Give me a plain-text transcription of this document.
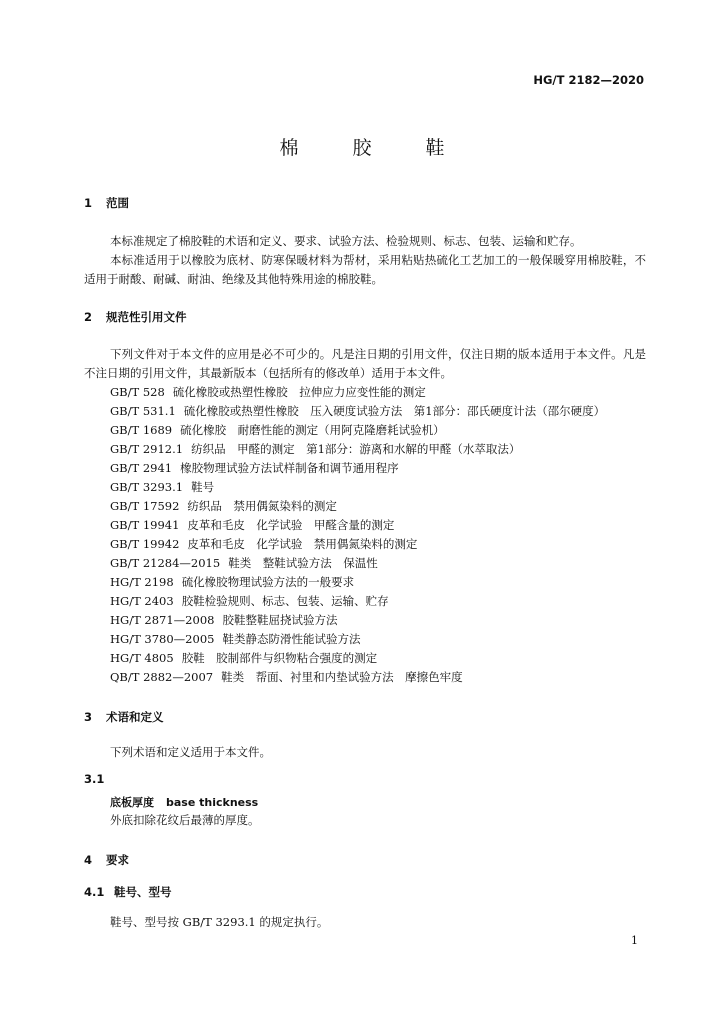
HG/T 2182—2020
棉 胶 鞋
1 范围

本标准规定了棉胶鞋的术语和定义、要求、试验方法、检验规则、标志、包装、运输和贮存。

本标准适用于以橡胶为底材、防寒保暖材料为帮材，采用粘贴热硫化工艺加工的一般保暖穿用棉胶鞋，不适用于耐酸、耐碱、耐油、绝缘及其他特殊用途的棉胶鞋。

2 规范性引用文件

下列文件对于本文件的应用是必不可少的。凡是注日期的引用文件，仅注日期的版本适用于本文件。凡是不注日期的引用文件，其最新版本（包括所有的修改单）适用于本文件。

GB/T 528 硫化橡胶或热塑性橡胶　拉伸应力应变性能的测定
GB/T 531.1 硫化橡胶或热塑性橡胶　压入硬度试验方法　第1部分：邵氏硬度计法（邵尔硬度）
GB/T 1689 硫化橡胶　耐磨性能的测定（用阿克隆磨耗试验机）
GB/T 2912.1 纺织品　甲醛的测定　第1部分：游离和水解的甲醛（水萃取法）
GB/T 2941 橡胶物理试验方法试样制备和调节通用程序
GB/T 3293.1 鞋号
GB/T 17592 纺织品　禁用偶氮染料的测定
GB/T 19941 皮革和毛皮　化学试验　甲醛含量的测定
GB/T 19942 皮革和毛皮　化学试验　禁用偶氮染料的测定
GB/T 21284—2015 鞋类　整鞋试验方法　保温性
HG/T 2198 硫化橡胶物理试验方法的一般要求
HG/T 2403 胶鞋检验规则、标志、包装、运输、贮存
HG/T 2871—2008 胶鞋整鞋屈挠试验方法
HG/T 3780—2005 鞋类静态防滑性能试验方法
HG/T 4805 胶鞋　胶制部件与织物粘合强度的测定
QB/T 2882—2007 鞋类　帮面、衬里和内垫试验方法　摩擦色牢度
3 术语和定义
下列术语和定义适用于本文件。
3.1
底板厚度 base thickness
外底扣除花纹后最薄的厚度。
4 要求
4.1 鞋号、型号
鞋号、型号按 GB/T 3293.1 的规定执行。
1
